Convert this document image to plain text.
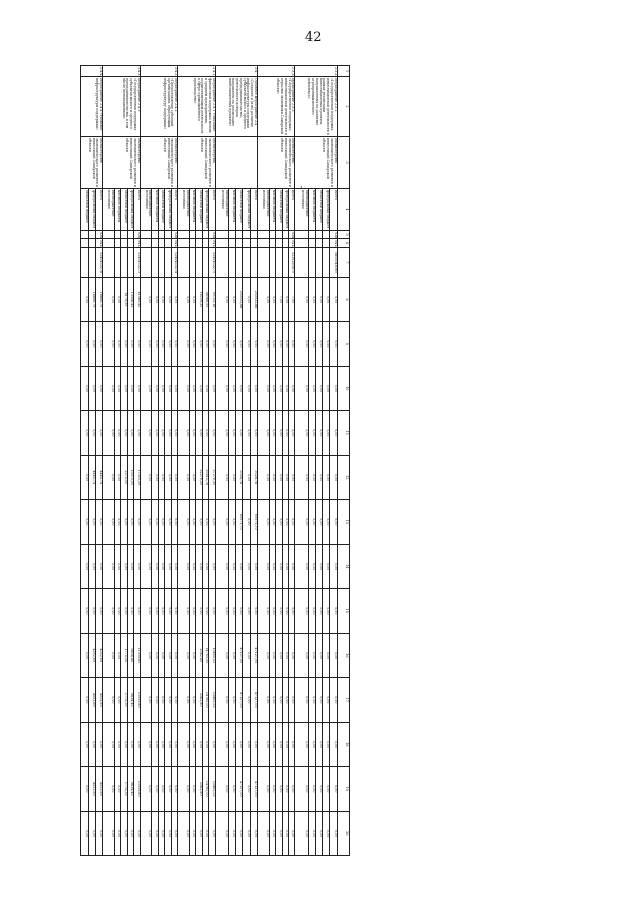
42
·
1	2	3	4	5	6	7	8	9	10	11	12	13	14	15	16	17	18	19	20
2.3.2.	Мероприятие 2.3.2 «Государственная поддержка инвестиционной деятельности в рамках реализации инвестиционных проектов, направленных на развитие агропромышленного комплекса»	Министерство экономического развития и инвестиций Самарской области	Всего	938	0412	0800046060	0,00	0,00	0,00	0,00	0,00	0,00	0,00	0,00	0,00	0,00	0,00	0,00	0,00
			федеральный бюджет				0,00	0,00	0,00	0,00	0,00	0,00	0,00	0,00	0,00	0,00	0,00	0,00	0,00
			областной бюджет				0,00	0,00	0,00	0,00	0,00	0,00	0,00	0,00	0,00	0,00	0,00	0,00	0,00
			местные бюджеты				0,00	0,00	0,00	0,00	0,00	0,00	0,00	0,00	0,00	0,00	0,00	0,00	0,00
			внебюджетные источники				0,00	0,00	0,00	0,00	0,00	0,00	0,00	0,00	0,00	0,00	0,00	0,00	0,00
2.3.3.	Мероприятие 2.3.3 «Государственная поддержка инвестиционной деятельности в отраслях экономики Самарской области»	Министерство экономического развития и инвестиций Самарской области	Всего	938	0412	0230260670	7,00	0,00	0,00	0,00	0,00	0,00	0,00	0,00	0,00	0,00	0,00	0,00	0,00
			федеральный бюджет				0,00	0,00	0,00	0,00	0,00	0,00	0,00	0,00	0,00	0,00	0,00	0,00	0,00
			областной бюджет				7,00	0,00	0,00	0,00	0,00	0,00	0,00	0,00	0,00	0,00	0,00	0,00	0,00
			местные бюджеты				0,00	0,00	0,00	0,00	0,00	0,00	0,00	0,00	0,00	0,00	0,00	0,00	0,00
			внебюджетные источники				0,00	0,00	0,00	0,00	0,00	0,00	0,00	0,00	0,00	0,00	0,00	0,00	0,00
2.4.	Основное мероприятие 2.4 «Создание и (или) развитие инфраструктуры поддержки субъектов малого и среднего предпринимательства, деятельность которых направлена на реализацию инвестиционных проектов»		Всего				203022,88	0,00	0,00	0,00	3024,78	60071,70	0,00	0,00	47127,00	47127,00	0,00	47127,00	0,00
			федеральный бюджет				0,00	0,00	0,00	0,00	0,00	0,00	0,00	0,00	0,00	0,00	0,00	0,00	0,00
			областной бюджет				203022,88	0,00	0,00	0,00	3024,78	60071,70	0,00	0,00	47127,00	47127,00	0,00	47127,00	0,00
			местные бюджеты				0,00	0,00	0,00	0,00	0,00	0,00	0,00	0,00	0,00	0,00	0,00	0,00	0,00
			внебюджетные источники				0,00	0,00	0,00	0,00	0,00	0,00	0,00	0,00	0,00	0,00	0,00	0,00	0,00
2.4.1.	Мероприятие 2.4.1 «Оказание финансовой поддержки малым и средним предприятиям, осуществляющим деятельность в сфере промышленного производства»	Министерство экономического развития и инвестиций Самарской области	Всего	938	0412	0240453270	90753,18	0,00	0,00	0,00	37276,30	0,00	0,00	0,00	15465,52	15465,52	0,00	15465,52	0,00
			федеральный бюджет				94066,00	0,00	0,00	0,00	35615,78	0,00	0,00	0,00	14760,00	14760,00	0,00	14760,00	0,00
			областной бюджет				16109,30	0,00	0,00	0,00	32276,30	0,00	0,00	0,00	2582,80	2582,80	0,00	2582,80	0,00
			местные бюджеты				0,00	0,00	0,00	0,00	0,00	0,00	0,00	0,00	0,00	0,00	0,00	0,00	0,00
			внебюджетные источники				0,00	0,00	0,00	0,00	0,00	0,00	0,00	0,00	0,00	0,00	0,00	0,00	0,00
2.4.2.	Мероприятие 2.4.2 «Предоставление субсидий организациям, образующим инфраструктуру поддержки»	Министерство экономического развития и инвестиций Самарской области	Всего	938	0412	0240453274	0,00	0,00	0,00	0,00	0,00	0,00	0,00	0,00	0,00	0,00	0,00	0,00	0,00
			федеральный бюджет				0,00	0,00	0,00	0,00	0,00	0,00	0,00	0,00	0,00	0,00	0,00	0,00	0,00
			областной бюджет				0,00	0,00	0,00	0,00	0,00	0,00	0,00	0,00	0,00	0,00	0,00	0,00	0,00
			местные бюджеты				0,00	0,00	0,00	0,00	0,00	0,00	0,00	0,00	0,00	0,00	0,00	0,00	0,00
			внебюджетные источники				0,00	0,00	0,00	0,00	0,00	0,00	0,00	0,00	0,00	0,00	0,00	0,00	0,00
2.4.3.	Мероприятие 2.4.3 «Государственная поддержка субъектов малого и среднего предпринимательства, в том числе инновационных»	Министерство экономического развития и инвестиций Самарской области	Всего	938	0412	0240453273	41089,45	0,00	0,00	0,00	17350,00	0,00	0,00	0,00	11009,80	11009,80	0,00	11009,80	0,00
			федеральный бюджет				13098,45	0,00	0,00	0,00	13375,00	0,00	0,00	0,00	9834,45	9834,45	0,00	9834,45	0,00
			областной бюджет				6179,00	0,00	0,00	0,00	2275,00	0,00	0,00	0,00	1775,35	1775,35	0,00	1775,35	0,00
			местные бюджеты				0,00	0,00	0,00	0,00	0,00	0,00	0,00	0,00	0,00	0,00	0,00	0,00	0,00
			внебюджетные источники				0,00	0,00	0,00	0,00	0,00	0,00	0,00	0,00	0,00	0,00	0,00	0,00	0,00
2.4.4.	Мероприятие 2.4.4 «Развитие инфраструктуры поддержки»	Министерство экономического развития и инвестиций Самарской области	Всего	938	0412	0240453278	18866,79	0,00	0,00	0,00	4445,74	0,00	0,00	0,00	4552,69	4552,69	0,00	4552,69	0,00
			федеральный бюджет				18866,79	0,00	0,00	0,00	4445,74	0,00	0,00	0,00	4552,69	4552,69	0,00	4552,69	0,00
			областной бюджет				0,00	0,00	0,00	0,00	0,00	0,00	0,00	0,00	0,00	0,00	0,00	0,00	0,00
